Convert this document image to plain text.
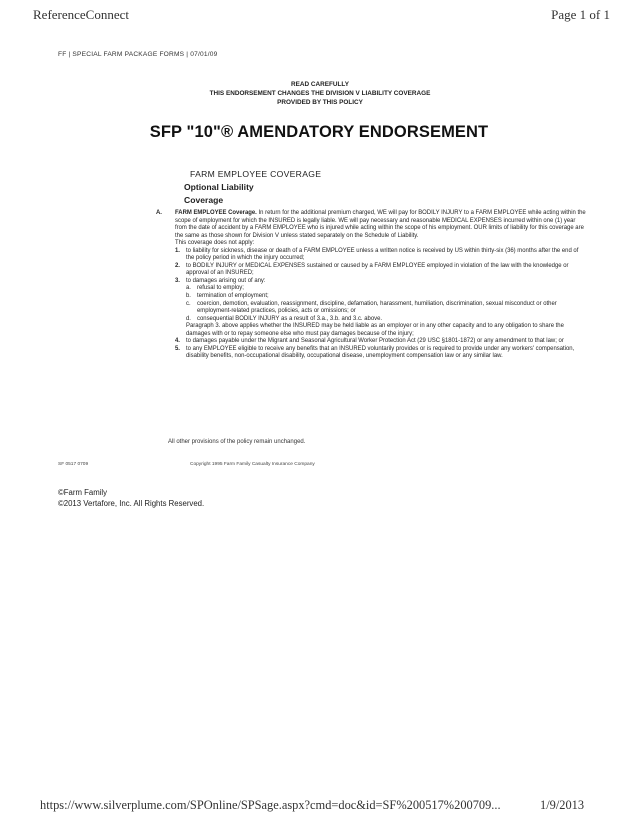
ReferenceConnect	Page 1 of 1
FF | SPECIAL FARM PACKAGE FORMS | 07/01/09
READ CAREFULLY
THIS ENDORSEMENT CHANGES THE DIVISION V LIABILITY COVERAGE
PROVIDED BY THIS POLICY
SFP "10"® AMENDATORY ENDORSEMENT
FARM EMPLOYEE COVERAGE
Optional Liability
Coverage
A.	FARM EMPLOYEE Coverage. In return for the additional premium charged, WE will pay for BODILY INJURY to a FARM EMPLOYEE while acting within the scope of employment for which the INSURED is legally liable. WE will pay necessary and reasonable MEDICAL EXPENSES incurred within one (1) year from the date of accident by a FARM EMPLOYEE who is injured while acting within the scope of his employment. OUR limits of liability for this coverage are the same as those shown for Division V unless stated separately on the Schedule of Liability.
This coverage does not apply:
1.	to liability for sickness, disease or death of a FARM EMPLOYEE unless a written notice is received by US within thirty-six (36) months after the end of the policy period in which the injury occurred;
2.	to BODILY INJURY or MEDICAL EXPENSES sustained or caused by a FARM EMPLOYEE employed in violation of the law with the knowledge or approval of an INSURED;
3.	to damages arising out of any:
a.	refusal to employ;
b.	termination of employment;
c.	coercion, demotion, evaluation, reassignment, discipline, defamation, harassment, humiliation, discrimination, sexual misconduct or other employment-related practices, policies, acts or omissions; or
d.	consequential BODILY INJURY as a result of 3.a., 3.b. and 3.c. above.
Paragraph 3. above applies whether the INSURED may be held liable as an employer or in any other capacity and to any obligation to share the damages with or to repay someone else who must pay damages because of the injury;
4.	to damages payable under the Migrant and Seasonal Agricultural Worker Protection Act (29 USC §1801-1872) or any amendment to that law; or
5.	to any EMPLOYEE eligible to receive any benefits that an INSURED voluntarily provides or is required to provide under any workers' compensation, disability benefits, non-occupational disability, occupational disease, unemployment compensation law or any similar law.
All other provisions of the policy remain unchanged.
SF 0517 0709	Copyright 1995 Farm Family Casualty Insurance Company
©Farm Family
©2013 Vertafore, Inc. All Rights Reserved.
https://www.silverplume.com/SPOnline/SPSage.aspx?cmd=doc&id=SF%200517%200709...	1/9/2013
